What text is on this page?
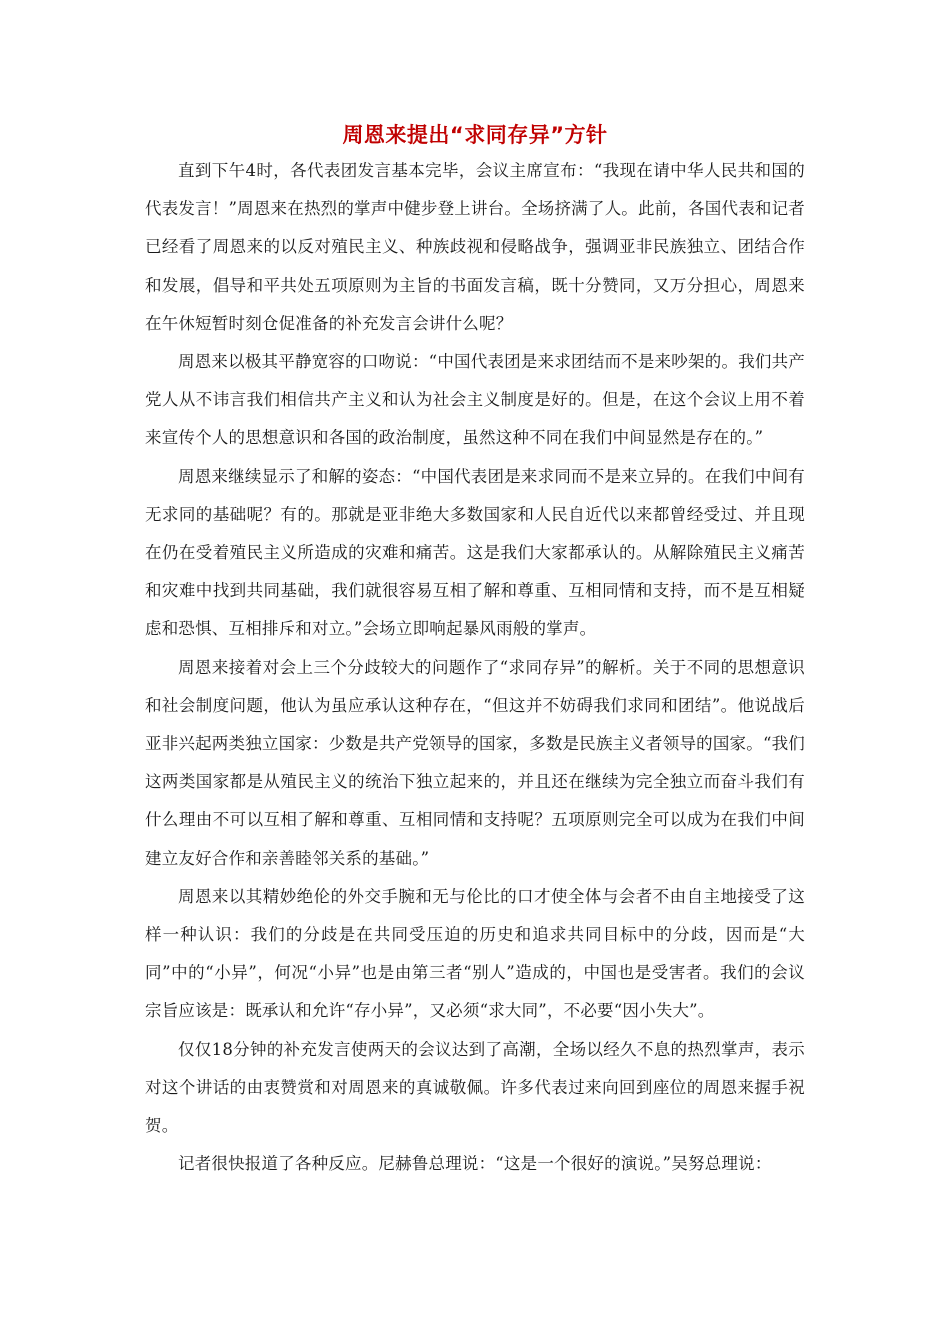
周恩来提出“求同存异”方针

直到下午4时，各代表团发言基本完毕，会议主席宣布：“我现在请中华人民共和国的代表发言！”周恩来在热烈的掌声中健步登上讲台。全场挤满了人。此前，各国代表和记者已经看了周恩来的以反对殖民主义、种族歧视和侵略战争，强调亚非民族独立、团结合作和发展，倡导和平共处五项原则为主旨的书面发言稿，既十分赞同，又万分担心，周恩来在午休短暂时刻仓促准备的补充发言会讲什么呢？

周恩来以极其平静宽容的口吻说：“中国代表团是来求团结而不是来吵架的。我们共产党人从不讳言我们相信共产主义和认为社会主义制度是好的。但是，在这个会议上用不着来宣传个人的思想意识和各国的政治制度，虽然这种不同在我们中间显然是存在的。”

周恩来继续显示了和解的姿态：“中国代表团是来求同而不是来立异的。在我们中间有无求同的基础呢？有的。那就是亚非绝大多数国家和人民自近代以来都曾经受过、并且现在仍在受着殖民主义所造成的灾难和痛苦。这是我们大家都承认的。从解除殖民主义痛苦和灾难中找到共同基础，我们就很容易互相了解和尊重、互相同情和支持，而不是互相疑虑和恐惧、互相排斥和对立。”会场立即响起暴风雨般的掌声。

周恩来接着对会上三个分歧较大的问题作了“求同存异”的解析。关于不同的思想意识和社会制度问题，他认为虽应承认这种存在，“但这并不妨碍我们求同和团结”。他说战后亚非兴起两类独立国家：少数是共产党领导的国家，多数是民族主义者领导的国家。“我们这两类国家都是从殖民主义的统治下独立起来的，并且还在继续为完全独立而奋斗我们有什么理由不可以互相了解和尊重、互相同情和支持呢？五项原则完全可以成为在我们中间建立友好合作和亲善睦邻关系的基础。”

周恩来以其精妙绝伦的外交手腕和无与伦比的口才使全体与会者不由自主地接受了这样一种认识：我们的分歧是在共同受压迫的历史和追求共同目标中的分歧，因而是“大同”中的“小异”，何况“小异”也是由第三者“别人”造成的，中国也是受害者。我们的会议宗旨应该是：既承认和允许“存小异”，又必须“求大同”，不必要“因小失大”。

仅仅18分钟的补充发言使两天的会议达到了高潮，全场以经久不息的热烈掌声，表示对这个讲话的由衷赞赏和对周恩来的真诚敬佩。许多代表过来向回到座位的周恩来握手祝贺。

记者很快报道了各种反应。尼赫鲁总理说：“这是一个很好的演说。”吴努总理说：
